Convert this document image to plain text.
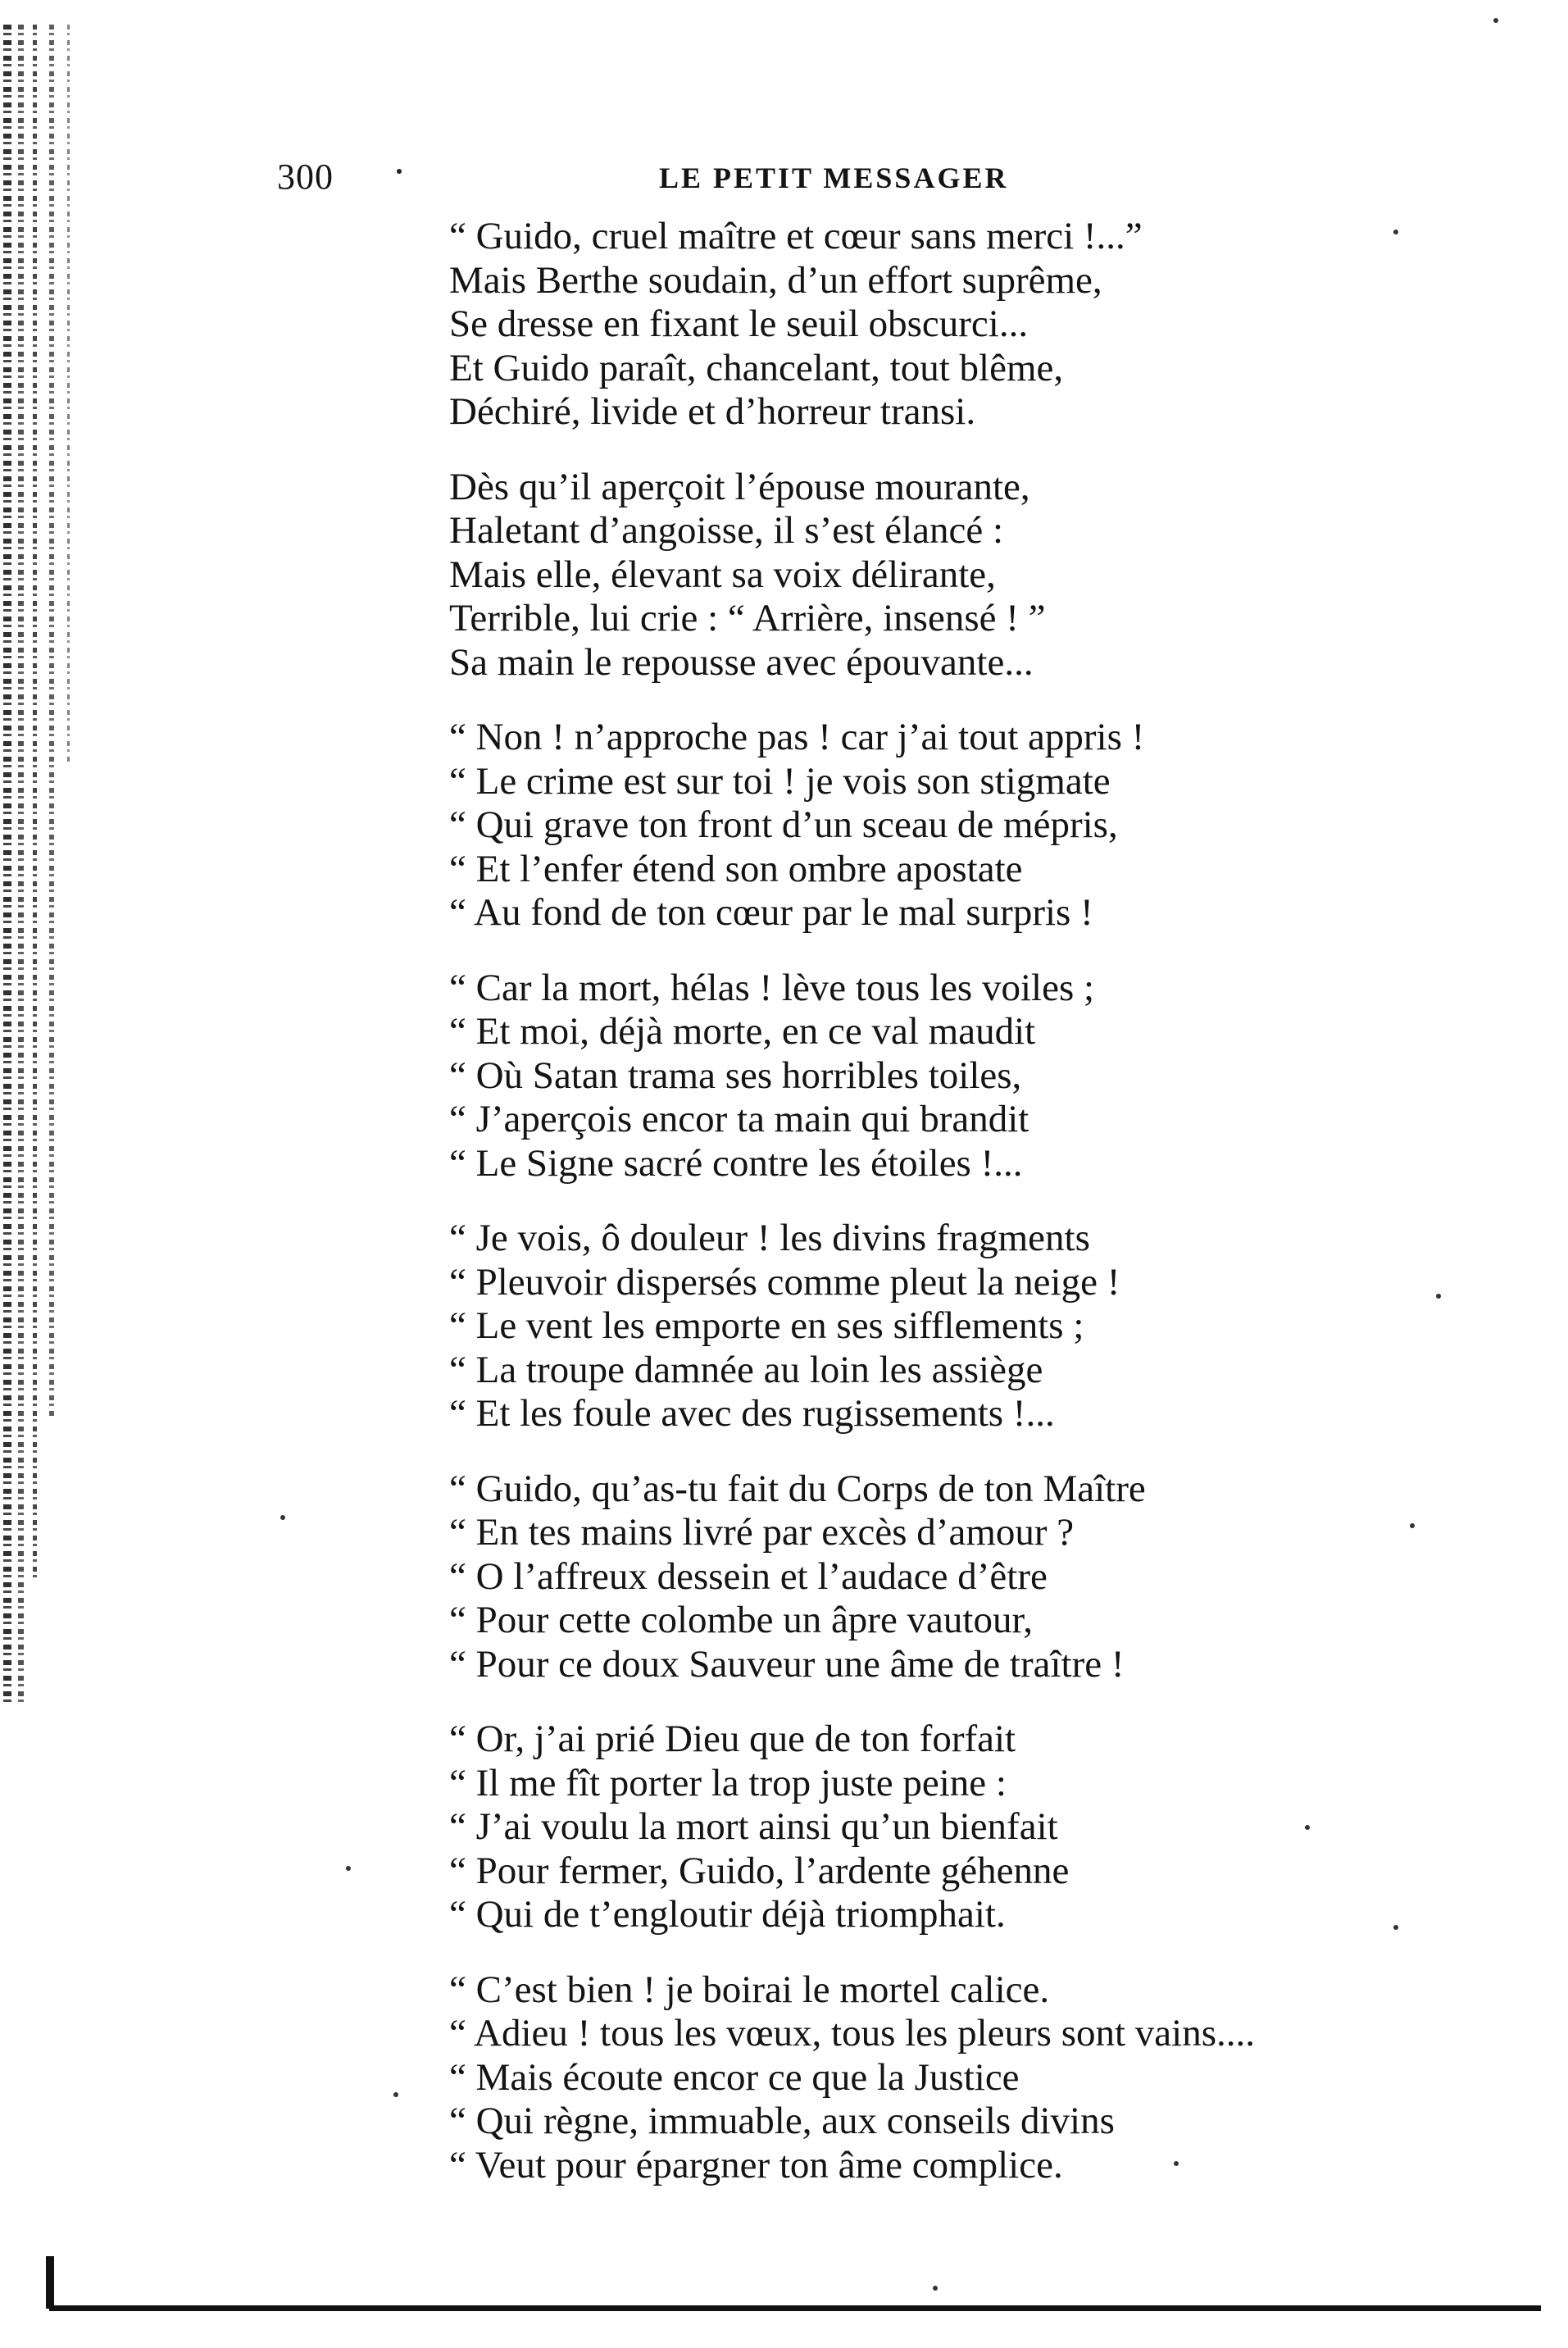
300	LE PETIT MESSAGER
“ Guido, cruel maître et cœur sans merci !...”
Mais Berthe soudain, d’un effort suprême,
Se dresse en fixant le seuil obscurci...
Et Guido paraît, chancelant, tout blême,
Déchiré, livide et d’horreur transi.
Dès qu’il aperçoit l’épouse mourante,
Haletant d’angoisse, il s’est élancé :
Mais elle, élevant sa voix délirante,
Terrible, lui crie : “ Arrière, insensé ! ”
Sa main le repousse avec épouvante...
“ Non ! n’approche pas ! car j’ai tout appris !
“ Le crime est sur toi ! je vois son stigmate
“ Qui grave ton front d’un sceau de mépris,
“ Et l’enfer étend son ombre apostate
“ Au fond de ton cœur par le mal surpris !
“ Car la mort, hélas ! lève tous les voiles ;
“ Et moi, déjà morte, en ce val maudit
“ Où Satan trama ses horribles toiles,
“ J’aperçois encor ta main qui brandit
“ Le Signe sacré contre les étoiles !...
“ Je vois, ô douleur ! les divins fragments
“ Pleuvoir dispersés comme pleut la neige !
“ Le vent les emporte en ses sifflements ;
“ La troupe damnée au loin les assiège
“ Et les foule avec des rugissements !...
“ Guido, qu’as-tu fait du Corps de ton Maître
“ En tes mains livré par excès d’amour ?
“ O l’affreux dessein et l’audace d’être
“ Pour cette colombe un âpre vautour,
“ Pour ce doux Sauveur une âme de traître !
“ Or, j’ai prié Dieu que de ton forfait
“ Il me fît porter la trop juste peine :
“ J’ai voulu la mort ainsi qu’un bienfait
“ Pour fermer, Guido, l’ardente géhenne
“ Qui de t’engloutir déjà triomphait.
“ C’est bien ! je boirai le mortel calice.
“ Adieu ! tous les vœux, tous les pleurs sont vains....
“ Mais écoute encor ce que la Justice
“ Qui règne, immuable, aux conseils divins
“ Veut pour épargner ton âme complice.
